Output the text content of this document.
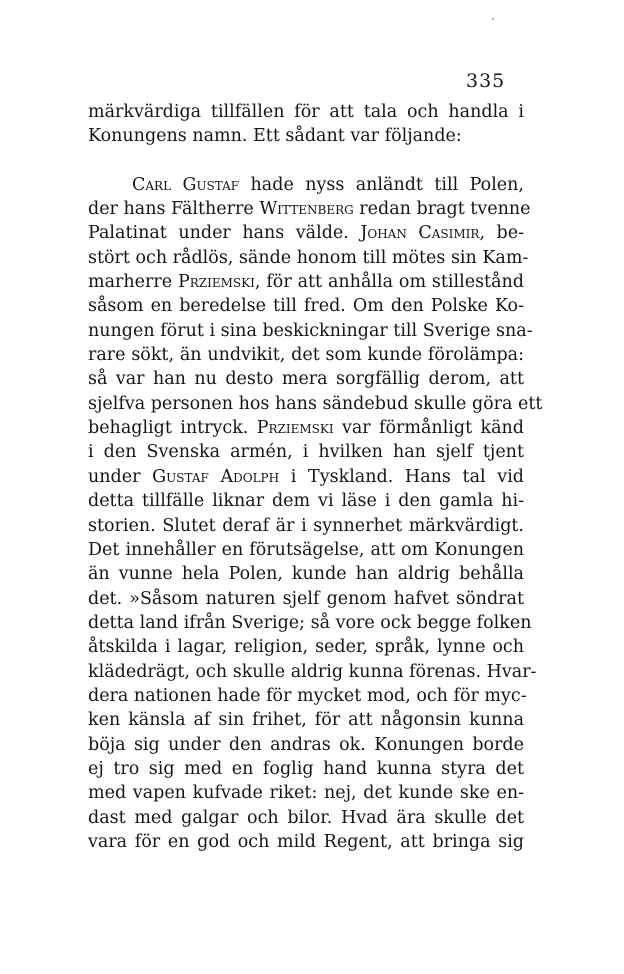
335
märkvärdiga tillfällen för att tala och handla i
Konungens namn. Ett sådant var följande:
Carl Gustaf hade nyss anländt till Polen,
der hans Fältherre Wittenberg redan bragt tvenne
Palatinat under hans välde. Johan Casimir, be-
stört och rådlös, sände honom till mötes sin Kam-
marherre Prziemski, för att anhålla om stillestånd
såsom en beredelse till fred. Om den Polske Ko-
nungen förut i sina beskickningar till Sverige sna-
rare sökt, än undvikit, det som kunde förolämpa:
så var han nu desto mera sorgfällig derom, att
sjelfva personen hos hans sändebud skulle göra ett
behagligt intryck. Prziemski var förmånligt känd
i den Svenska armén, i hvilken han sjelf tjent
under Gustaf Adolph i Tyskland. Hans tal vid
detta tillfälle liknar dem vi läse i den gamla hi-
storien. Slutet deraf är i synnerhet märkvärdigt.
Det innehåller en förutsägelse, att om Konungen
än vunne hela Polen, kunde han aldrig behålla
det. »Såsom naturen sjelf genom hafvet söndrat
detta land ifrån Sverige; så vore ock begge folken
åtskilda i lagar, religion, seder, språk, lynne och
klädedrägt, och skulle aldrig kunna förenas. Hvar-
dera nationen hade för mycket mod, och för myc-
ken känsla af sin frihet, för att någonsin kunna
böja sig under den andras ok. Konungen borde
ej tro sig med en foglig hand kunna styra det
med vapen kufvade riket: nej, det kunde ske en-
dast med galgar och bilor. Hvad ära skulle det
vara för en god och mild Regent, att bringa sig
